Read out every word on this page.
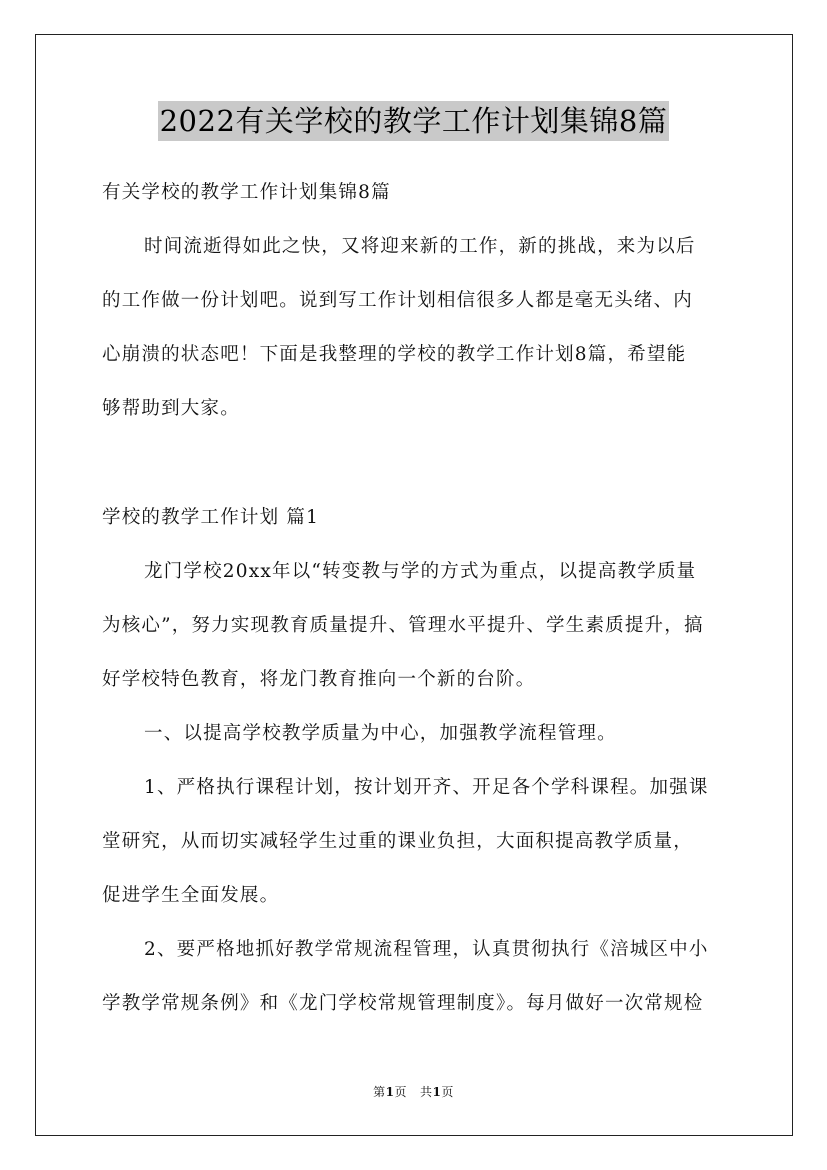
2022有关学校的教学工作计划集锦8篇
有关学校的教学工作计划集锦8篇
时间流逝得如此之快，又将迎来新的工作，新的挑战，来为以后
的工作做一份计划吧。说到写工作计划相信很多人都是毫无头绪、内
心崩溃的状态吧！下面是我整理的学校的教学工作计划8篇，希望能
够帮助到大家。
学校的教学工作计划 篇1
龙门学校20xx年以“转变教与学的方式为重点，以提高教学质量
为核心”，努力实现教育质量提升、管理水平提升、学生素质提升，搞
好学校特色教育，将龙门教育推向一个新的台阶。
一、以提高学校教学质量为中心，加强教学流程管理。
1、严格执行课程计划，按计划开齐、开足各个学科课程。加强课
堂研究，从而切实减轻学生过重的课业负担，大面积提高教学质量，
促进学生全面发展。
2、要严格地抓好教学常规流程管理，认真贯彻执行《涪城区中小
学教学常规条例》和《龙门学校常规管理制度》。每月做好一次常规检
第1页   共1页
